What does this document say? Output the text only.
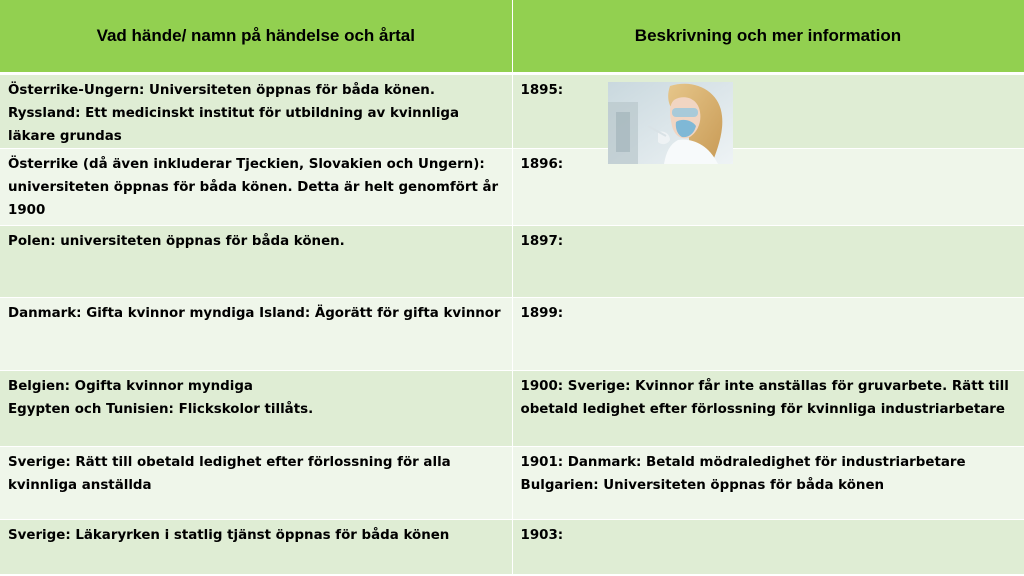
Vad hände/ namn på händelse och årtal	Beskrivning och mer information

Österrike-Ungern: Universiteten öppnas för båda könen.
Ryssland: Ett medicinskt institut för utbildning av kvinnliga läkare grundas	1895:

Österrike (då även inkluderar Tjeckien, Slovakien och Ungern): universiteten öppnas för båda könen. Detta är helt genomfört år 1900	1896:

Polen: universiteten öppnas för båda könen.	1897:

Danmark: Gifta kvinnor myndiga Island: Ägorätt för gifta kvinnor	1899:

Belgien: Ogifta kvinnor myndiga
Egypten och Tunisien: Flickskolor tillåts.	1900: Sverige: Kvinnor får inte anställas för gruvarbete. Rätt till obetald ledighet efter förlossning för kvinnliga industriarbetare

Sverige: Rätt till obetald ledighet efter förlossning för alla kvinnliga anställda	1901: Danmark: Betald mödraledighet för industriarbetare
Bulgarien: Universiteten öppnas för båda könen

Sverige: Läkaryrken i statlig tjänst öppnas för båda könen	1903:
